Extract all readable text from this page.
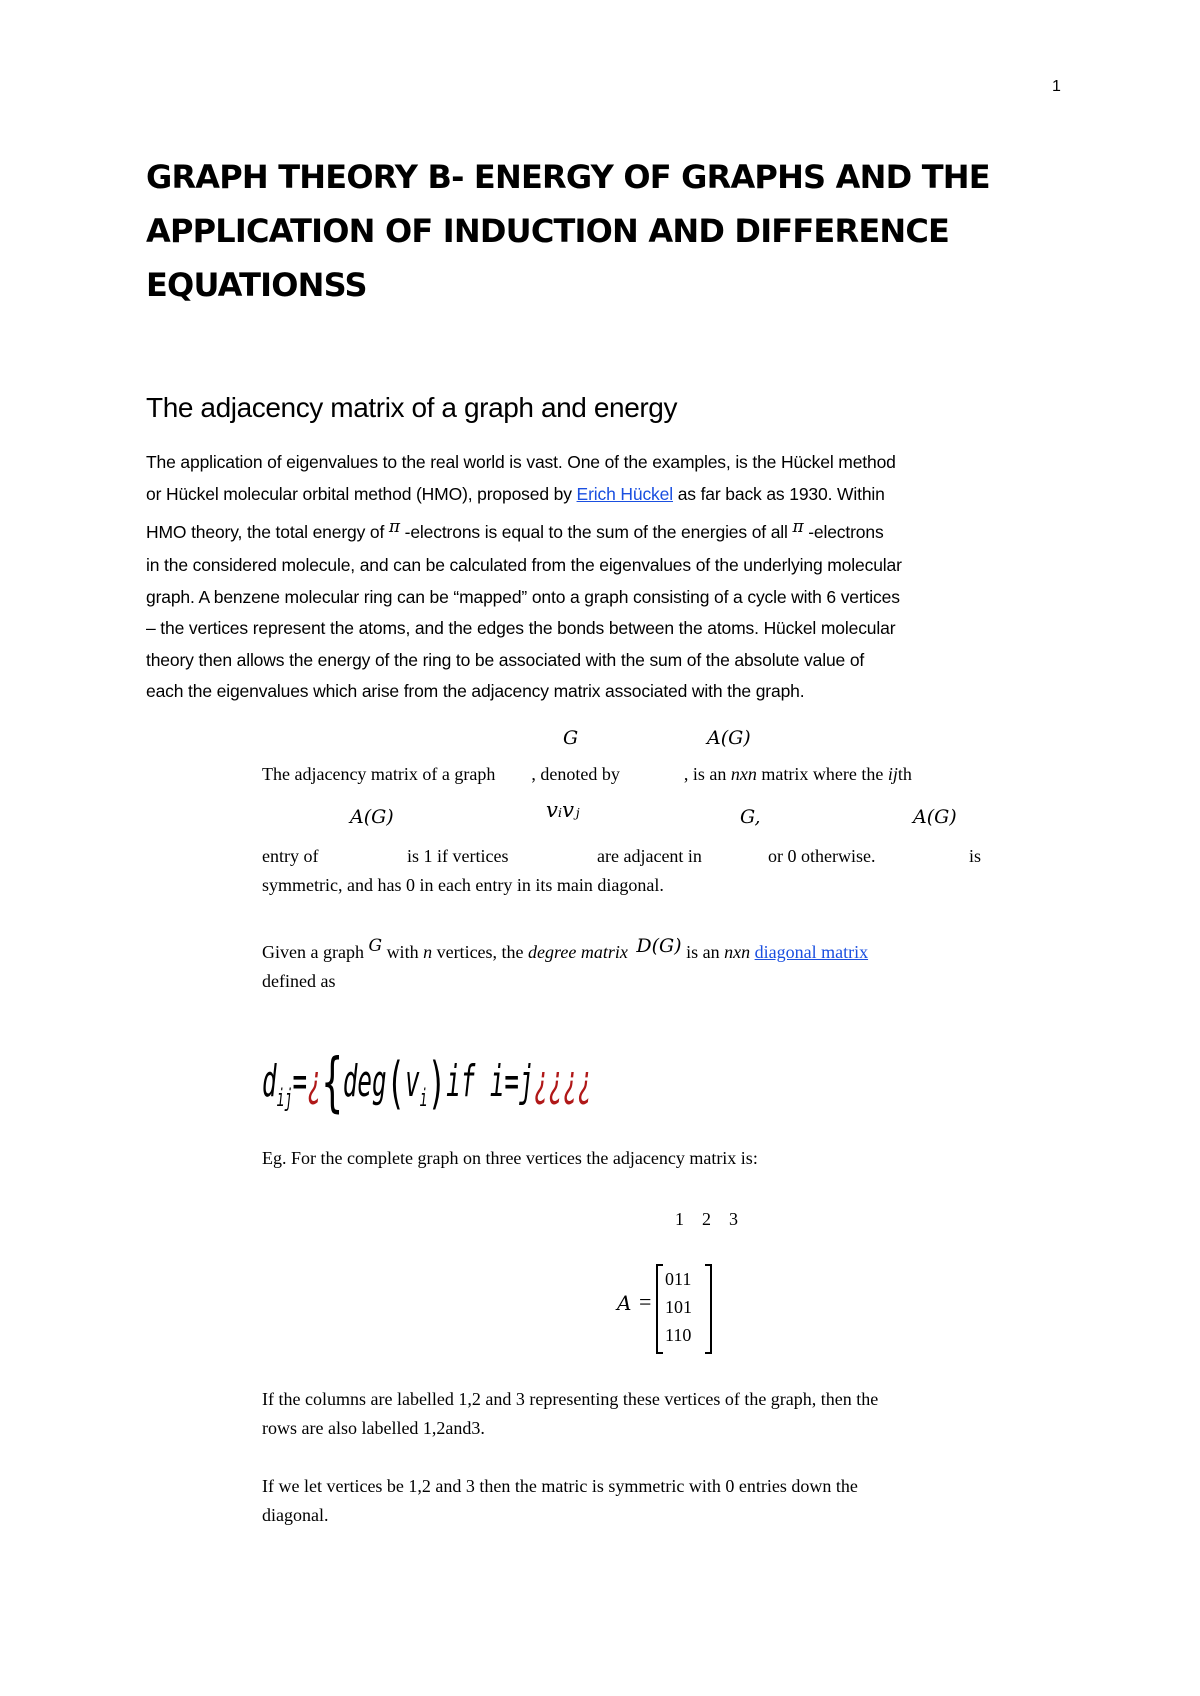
1
GRAPH THEORY B- ENERGY OF GRAPHS AND THE APPLICATION OF INDUCTION AND DIFFERENCE EQUATIONSS
The adjacency matrix of a graph and energy
The application of eigenvalues to the real world is vast. One of the examples, is the Hückel method
or Hückel molecular orbital method (HMO), proposed by Erich Hückel as far back as 1930. Within
HMO theory, the total energy of π -electrons is equal to the sum of the energies of all π -electrons
in the considered molecule, and can be calculated from the eigenvalues of the underlying molecular
graph. A benzene molecular ring can be “mapped” onto a graph consisting of a cycle with 6 vertices
– the vertices represent the atoms, and the edges the bonds between the atoms. Hückel molecular
theory then allows the energy of the ring to be associated with the sum of the absolute value of
each the eigenvalues which arise from the adjacency matrix associated with the graph.
G	A(G)
The adjacency matrix of a graph , denoted by	, is an nxn matrix where the ijth
A(G)	vᵢvⱼ	G,	A(G)
entry of	is 1 if vertices	are adjacent in	or 0 otherwise.	is
symmetric, and has 0 in each entry in its main diagonal.
Given a graph G with n vertices, the degree matrix D(G) is an nxn diagonal matrix
defined as
$d_{ij}=¿\{deg(v_i)if$ i=j¿¿¿¿
Eg. For the complete graph on three vertices the adjacency matrix is:
1 2 3
A =
011
101
110
If the columns are labelled 1,2 and 3 representing these vertices of the graph, then the
rows are also labelled 1,2and3.
If we let vertices be 1,2 and 3 then the matric is symmetric with 0 entries down the
diagonal.
